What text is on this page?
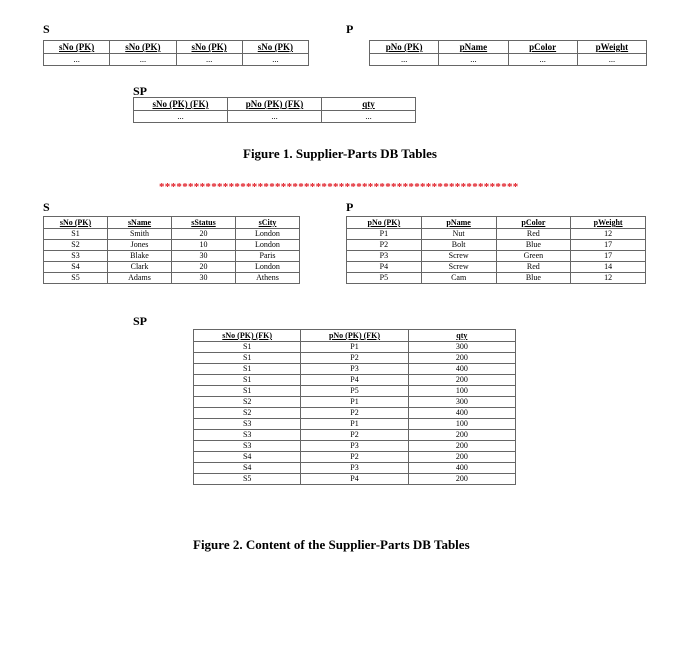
S	P
sNo (PK)	sNo (PK)	sNo (PK)	sNo (PK)
...	...	...	...
pNo (PK)	pName	pColor	pWeight
...	...	...	...
SP
sNo (PK) (FK)	pNo (PK) (FK)	qty
...	...	...
Figure 1. Supplier-Parts DB Tables
**************************************************************
S	P
sNo (PK)	sName	sStatus	sCity
S1	Smith	20	London
S2	Jones	10	London
S3	Blake	30	Paris
S4	Clark	20	London
S5	Adams	30	Athens
pNo (PK)	pName	pColor	pWeight
P1	Nut	Red	12
P2	Bolt	Blue	17
P3	Screw	Green	17
P4	Screw	Red	14
P5	Cam	Blue	12
SP
sNo (PK) (FK)	pNo (PK) (FK)	qty
S1	P1	300
S1	P2	200
S1	P3	400
S1	P4	200
S1	P5	100
S2	P1	300
S2	P2	400
S3	P1	100
S3	P2	200
S3	P3	200
S4	P2	200
S4	P3	400
S5	P4	200
Figure 2. Content of the Supplier-Parts DB Tables
